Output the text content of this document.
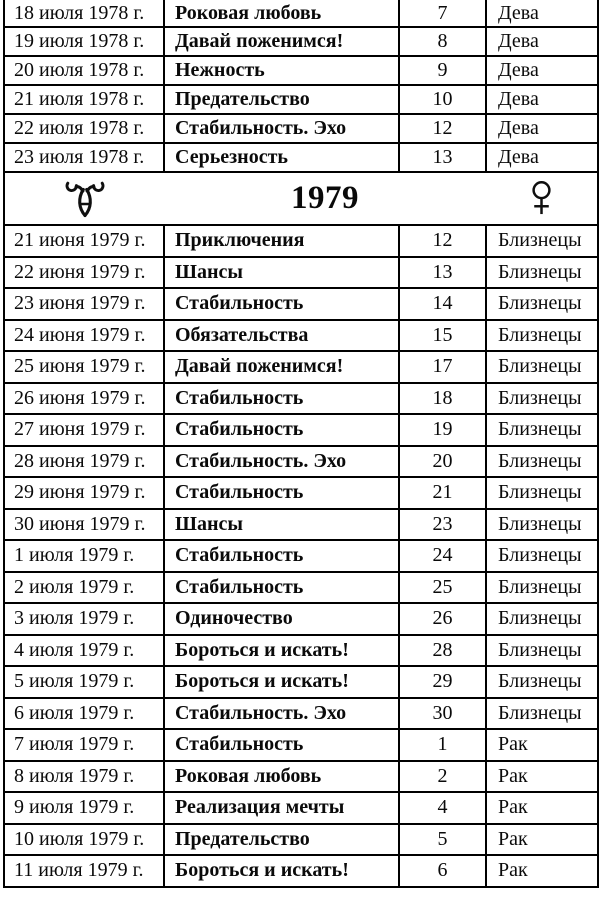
18 июля 1978 г.	Роковая любовь	7	Дева
19 июля 1978 г.	Давай поженимся!	8	Дева
20 июля 1978 г.	Нежность	9	Дева
21 июля 1978 г.	Предательство	10	Дева
22 июля 1978 г.	Стабильность. Эхо	12	Дева
23 июля 1978 г.	Серьезность	13	Дева

1979			

21 июня 1979 г.	Приключения	12	Близнецы
22 июня 1979 г.	Шансы	13	Близнецы
23 июня 1979 г.	Стабильность	14	Близнецы
24 июня 1979 г.	Обязательства	15	Близнецы
25 июня 1979 г.	Давай поженимся!	17	Близнецы
26 июня 1979 г.	Стабильность	18	Близнецы
27 июня 1979 г.	Стабильность	19	Близнецы
28 июня 1979 г.	Стабильность. Эхо	20	Близнецы
29 июня 1979 г.	Стабильность	21	Близнецы
30 июня 1979 г.	Шансы	23	Близнецы
1 июля 1979 г.	Стабильность	24	Близнецы
2 июля 1979 г.	Стабильность	25	Близнецы
3 июля 1979 г.	Одиночество	26	Близнецы
4 июля 1979 г.	Бороться и искать!	28	Близнецы
5 июля 1979 г.	Бороться и искать!	29	Близнецы
6 июля 1979 г.	Стабильность. Эхо	30	Близнецы
7 июля 1979 г.	Стабильность	1	Рак
8 июля 1979 г.	Роковая любовь	2	Рак
9 июля 1979 г.	Реализация мечты	4	Рак
10 июля 1979 г.	Предательство	5	Рак
11 июля 1979 г.	Бороться и искать!	6	Рак
